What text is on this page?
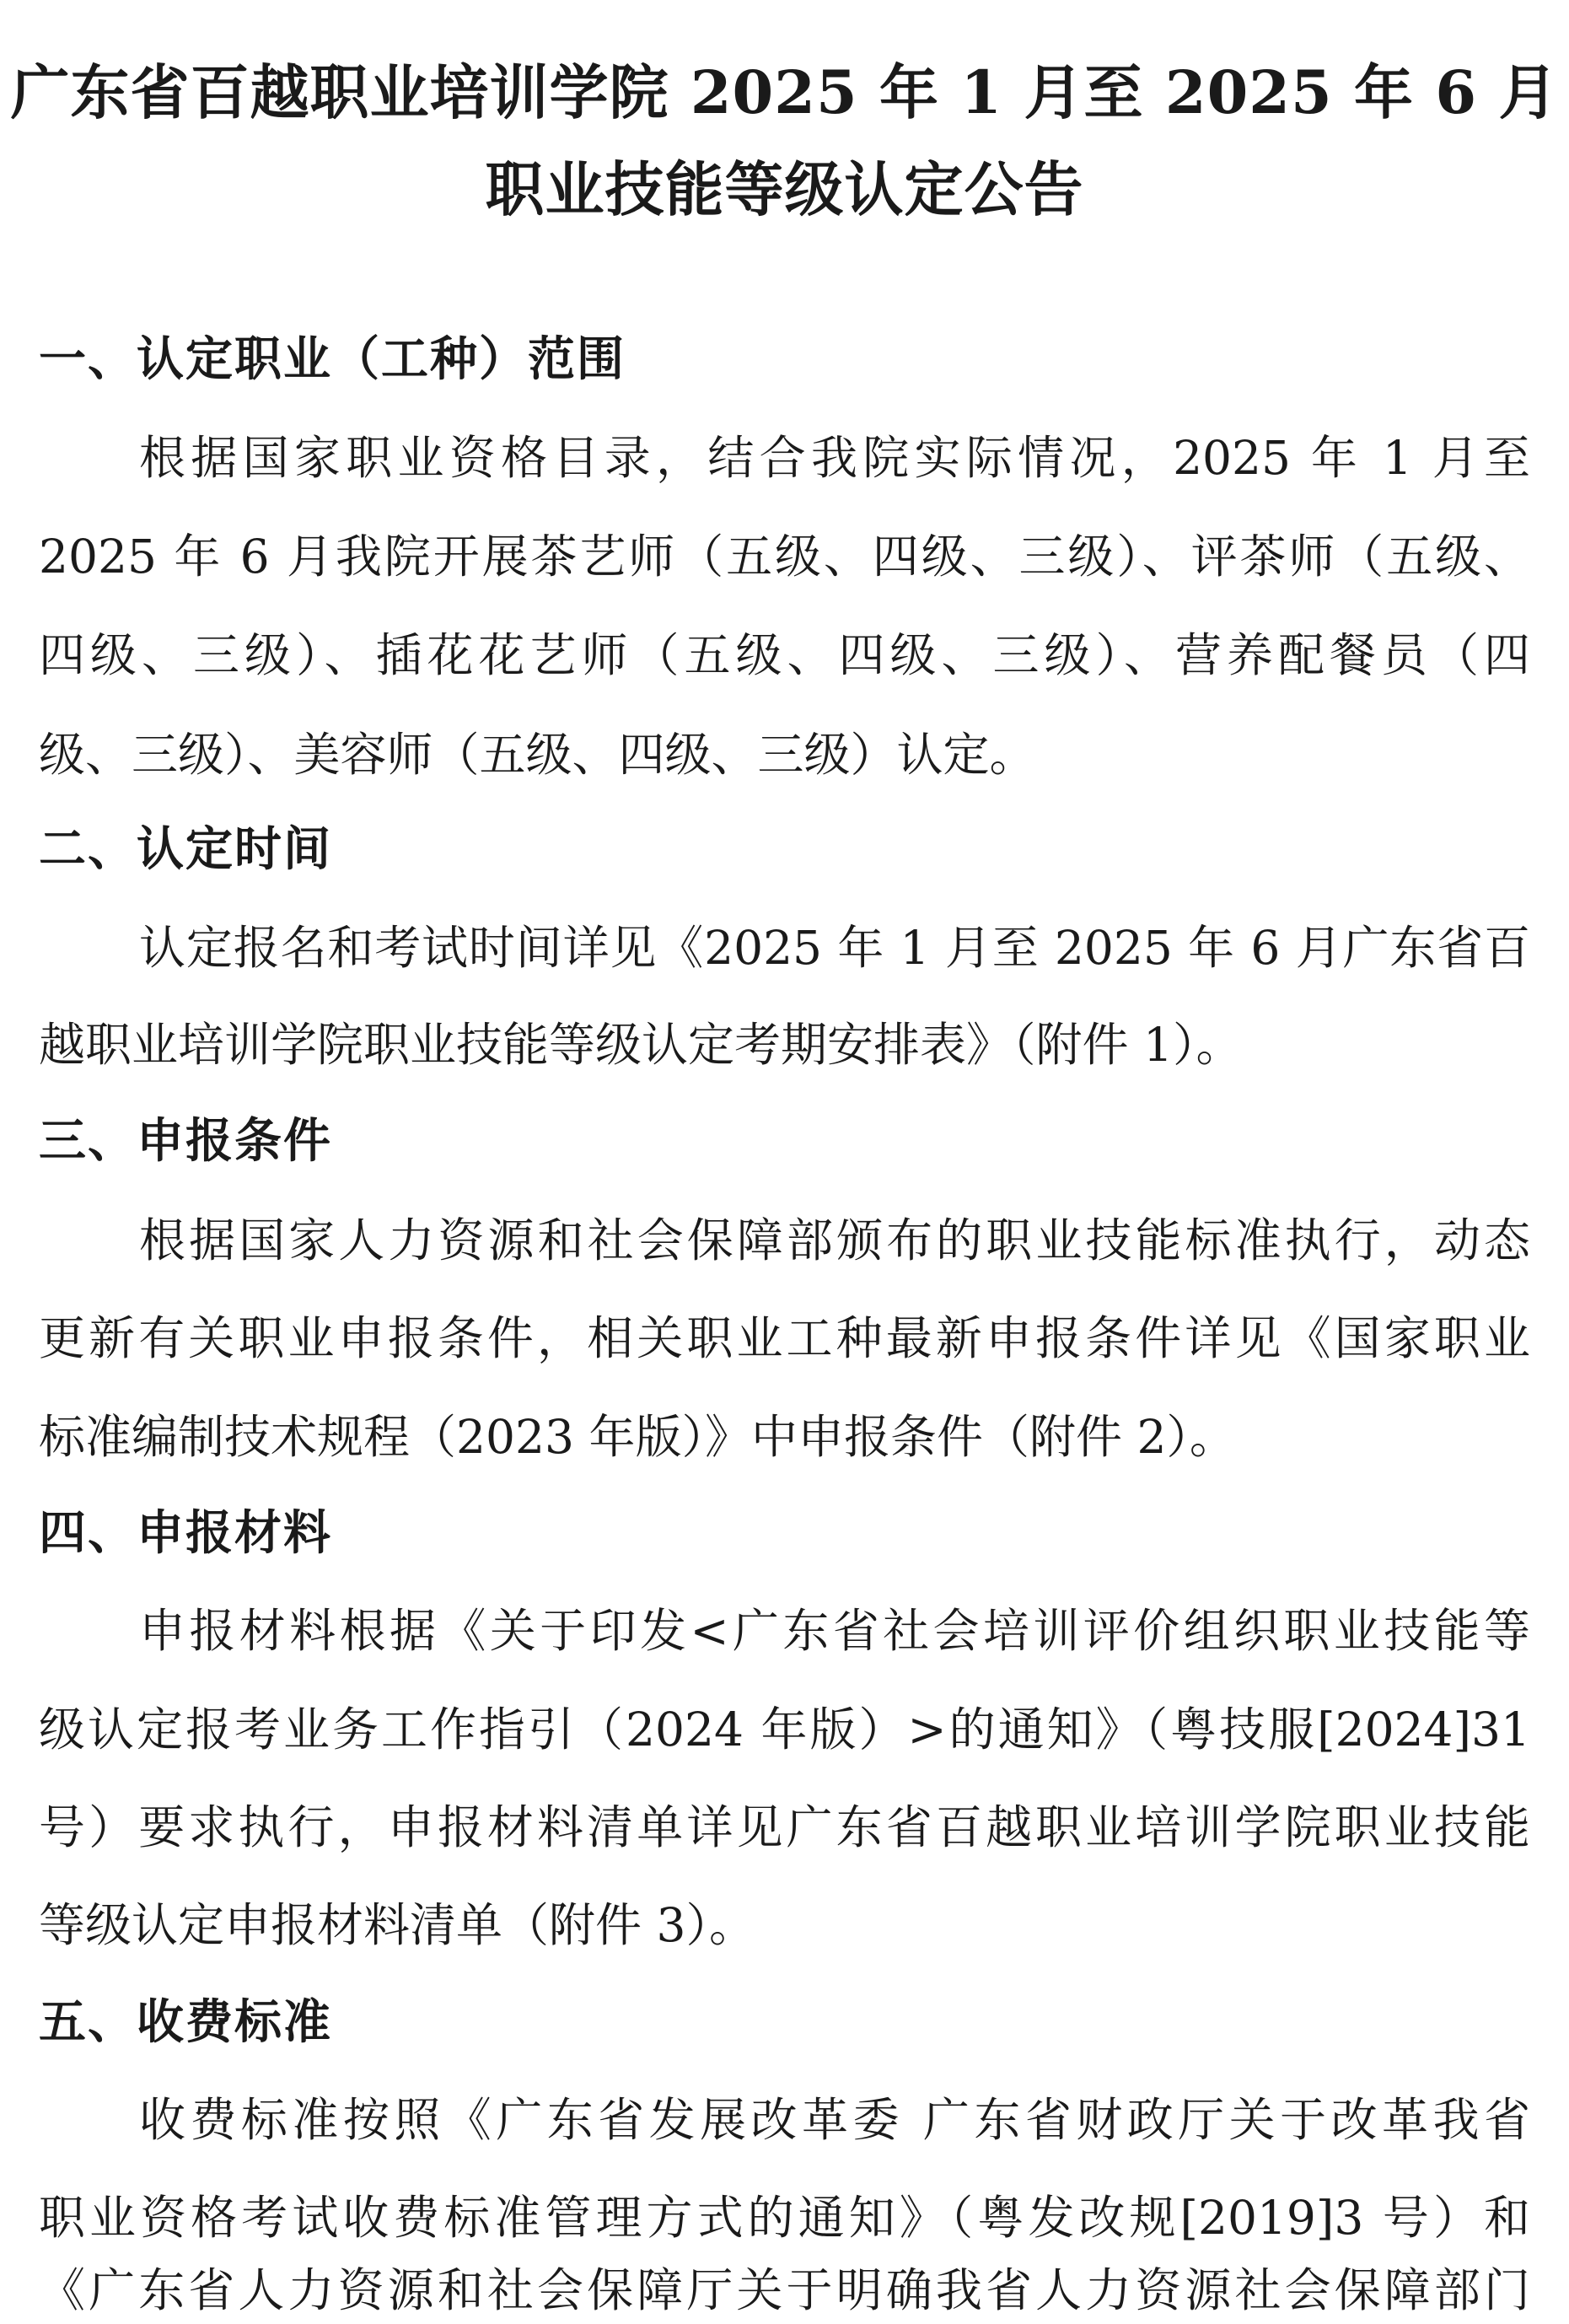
广东省百越职业培训学院 2025 年 1 月至 2025 年 6 月
职业技能等级认定公告
一、认定职业（工种）范围
根据国家职业资格目录，结合我院实际情况，2025 年 1 月至
2025 年 6 月我院开展茶艺师（五级、四级、三级）、评茶师（五级、
四级、三级）、插花花艺师（五级、四级、三级）、营养配餐员（四
级、三级）、美容师（五级、四级、三级）认定。
二、认定时间
认定报名和考试时间详见《2025 年 1 月至 2025 年 6 月广东省百
越职业培训学院职业技能等级认定考期安排表》（附件 1）。
三、申报条件
根据国家人力资源和社会保障部颁布的职业技能标准执行，动态
更新有关职业申报条件，相关职业工种最新申报条件详见《国家职业
标准编制技术规程（2023 年版）》中申报条件（附件 2）。
四、申报材料
申报材料根据《关于印发<广东省社会培训评价组织职业技能等
级认定报考业务工作指引（2024 年版）>的通知》（粤技服[2024]31
号）要求执行，申报材料清单详见广东省百越职业培训学院职业技能
等级认定申报材料清单（附件 3）。
五、收费标准
收费标准按照《广东省发展改革委 广东省财政厅关于改革我省
职业资格考试收费标准管理方式的通知》（粤发改规[2019]3 号）和
《广东省人力资源和社会保障厅关于明确我省人力资源社会保障部门
